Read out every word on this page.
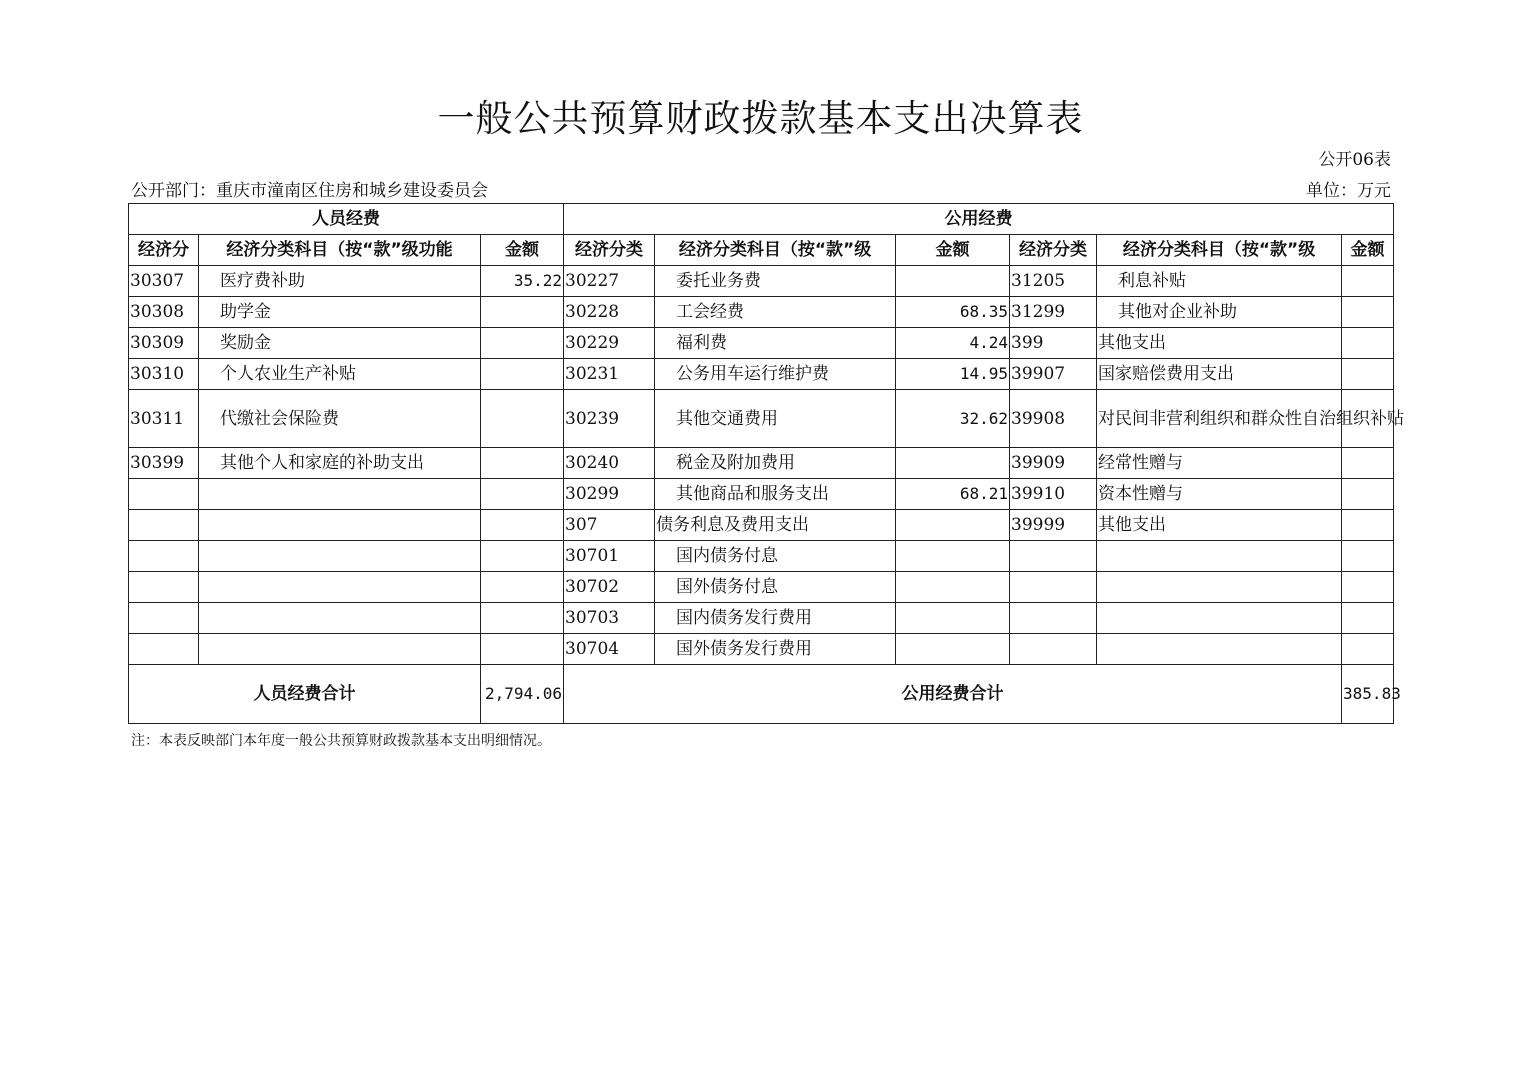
一般公共预算财政拨款基本支出决算表
公开06表
公开部门：重庆市潼南区住房和城乡建设委员会	单位：万元
人员经费			公用经费					
经济分	经济分类科目（按“款”级功能	金额	经济分类	经济分类科目（按“款”级	金额	经济分类	经济分类科目（按“款”级	金额
30307	医疗费补助	35.22	30227	委托业务费		31205	利息补贴	
30308	助学金		30228	工会经费	68.35	31299	其他对企业补助	
30309	奖励金		30229	福利费	4.24	399	其他支出	
30310	个人农业生产补贴		30231	公务用车运行维护费	14.95	39907	国家赔偿费用支出	
30311	代缴社会保险费		30239	其他交通费用	32.62	39908	对民间非营利组织和群众性自治组织补贴	
30399	其他个人和家庭的补助支出		30240	税金及附加费用		39909	经常性赠与	
			30299	其他商品和服务支出	68.21	39910	资本性赠与	
			307	债务利息及费用支出		39999	其他支出	
			30701	国内债务付息				
			30702	国外债务付息				
			30703	国内债务发行费用				
			30704	国外债务发行费用				
人员经费合计		2,794.06	公用经费合计					385.83
注：本表反映部门本年度一般公共预算财政拨款基本支出明细情况。
